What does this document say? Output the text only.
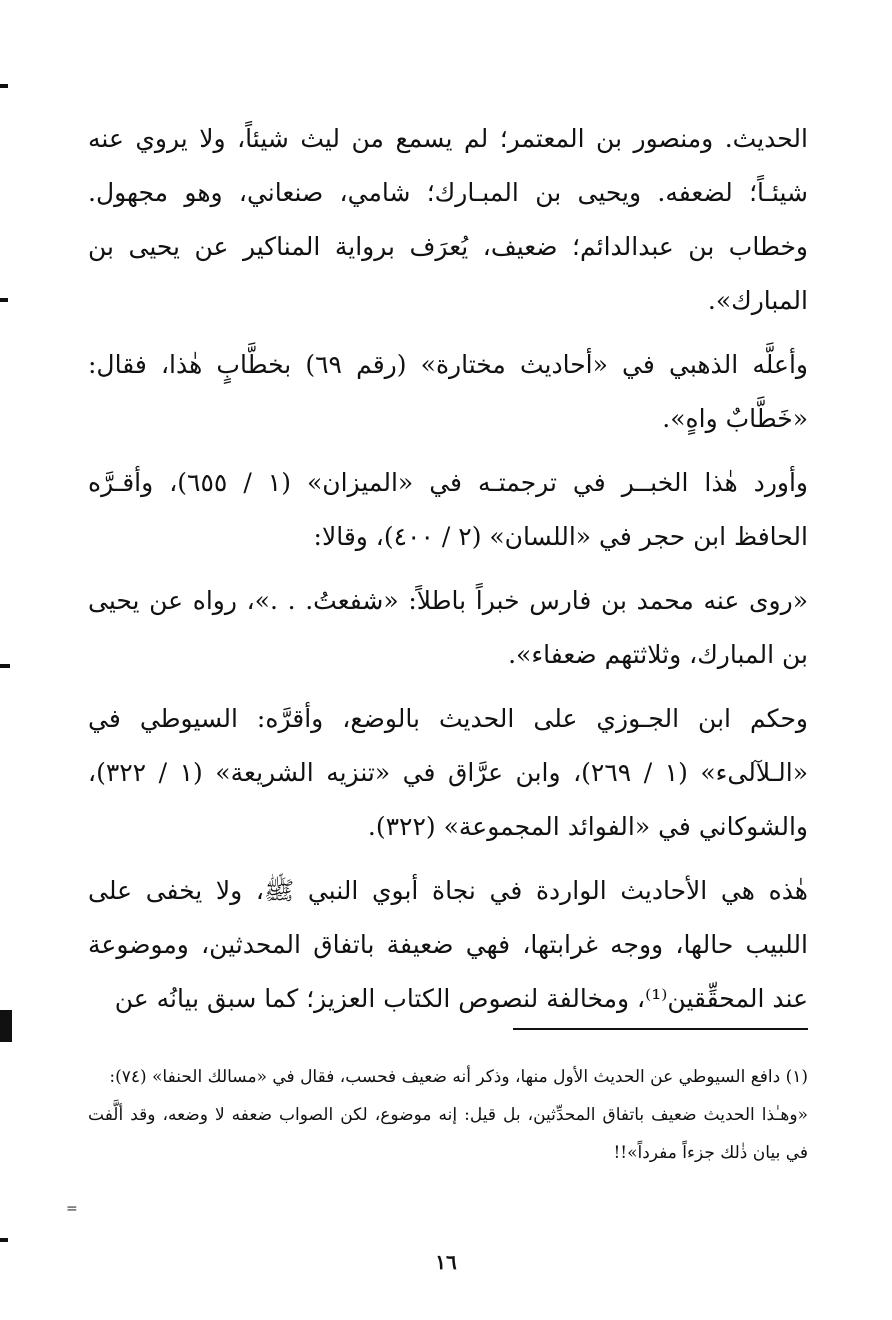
الحديث. ومنصور بن المعتمر؛ لم يسمع من ليث شيئاً، ولا يروي عنه شيئـاً؛ لضعفه. ويحيى بن المبـارك؛ شامي، صنعاني، وهو مجهول. وخطاب بن عبدالدائم؛ ضعيف، يُعرَف برواية المناكير عن يحيى بن المبارك».

وأعلَّه الذهبي في «أحاديث مختارة» (رقم ٦٩) بخطَّابٍ هٰذا، فقال: «خَطَّابٌ واهٍ».

وأورد هٰذا الخبــر في ترجمتـه في «الميزان» (١ / ٦٥٥)، وأقـرَّه الحافظ ابن حجر في «اللسان» (٢ / ٤٠٠)، وقالا:

«روى عنه محمد بن فارس خبراً باطلاً: «شفعتُ. . .»، رواه عن يحيى بن المبارك، وثلاثتهم ضعفاء».

وحكم ابن الجـوزي على الحديث بالوضع، وأقرَّه: السيوطي في «الـلآلىء» (١ / ٢٦٩)، وابن عرَّاق في «تنزيه الشريعة» (١ / ٣٢٢)، والشوكاني في «الفوائد المجموعة» (٣٢٢).

هٰذه هي الأحاديث الواردة في نجاة أبوي النبي ﷺ، ولا يخفى على اللبيب حالها، ووجه غرابتها، فهي ضعيفة باتفاق المحدثين، وموضوعة عند المحقِّقين⁽¹⁾، ومخالفة لنصوص الكتاب العزيز؛ كما سبق بيانُه عن

(١) دافع السيوطي عن الحديث الأول منها، وذكر أنه ضعيف فحسب، فقال في «مسالك الحنفا» (٧٤):

«وهـٰذا الحديث ضعيف باتفاق المحدِّثين، بل قيل: إنه موضوع، لكن الصواب ضعفه لا وضعه، وقد ألَّفت في بيان ذٰلك جزءاً مفرداً»!!

١٦
=
